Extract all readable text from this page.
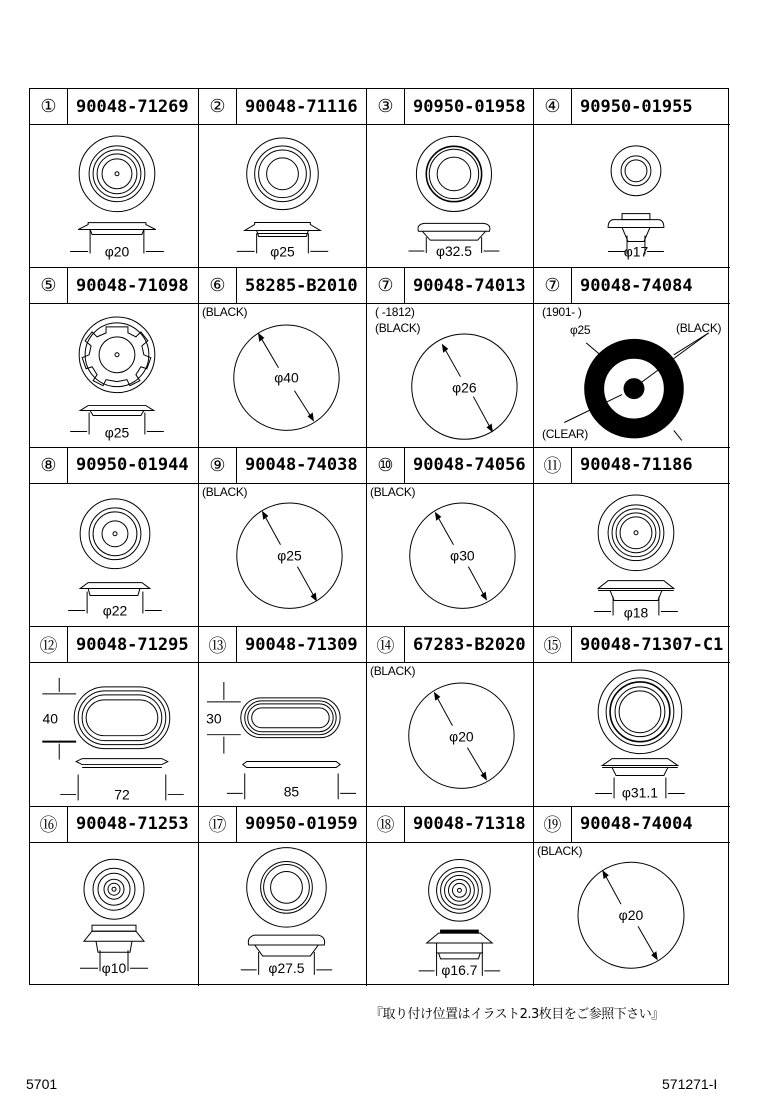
①	90048-71269
φ20
②	90048-71116
φ25
③	90950-01958
φ32.5
④	90950-01955
φ17
⑤	90048-71098
φ25
⑥	58285-B2010
(BLACK)
φ40
⑦	90048-74013
( -1812)
(BLACK)
φ26
⑦	90048-74084
(1901- )
φ25	(BLACK)
(CLEAR)
⑧	90950-01944
φ22
⑨	90048-74038
(BLACK)
φ25
⑩	90048-74056
(BLACK)
φ30
⑪	90048-71186
φ18
⑫	90048-71295
40
72
⑬	90048-71309
30
85
⑭	67283-B2020
(BLACK)
φ20
⑮	90048-71307-C1
φ31.1
⑯	90048-71253
φ10
⑰	90950-01959
φ27.5
⑱	90048-71318
φ16.7
⑲	90048-74004
(BLACK)
φ20
『取り付け位置はイラスト2.3枚目をご参照下さい』
5701	571271-I
